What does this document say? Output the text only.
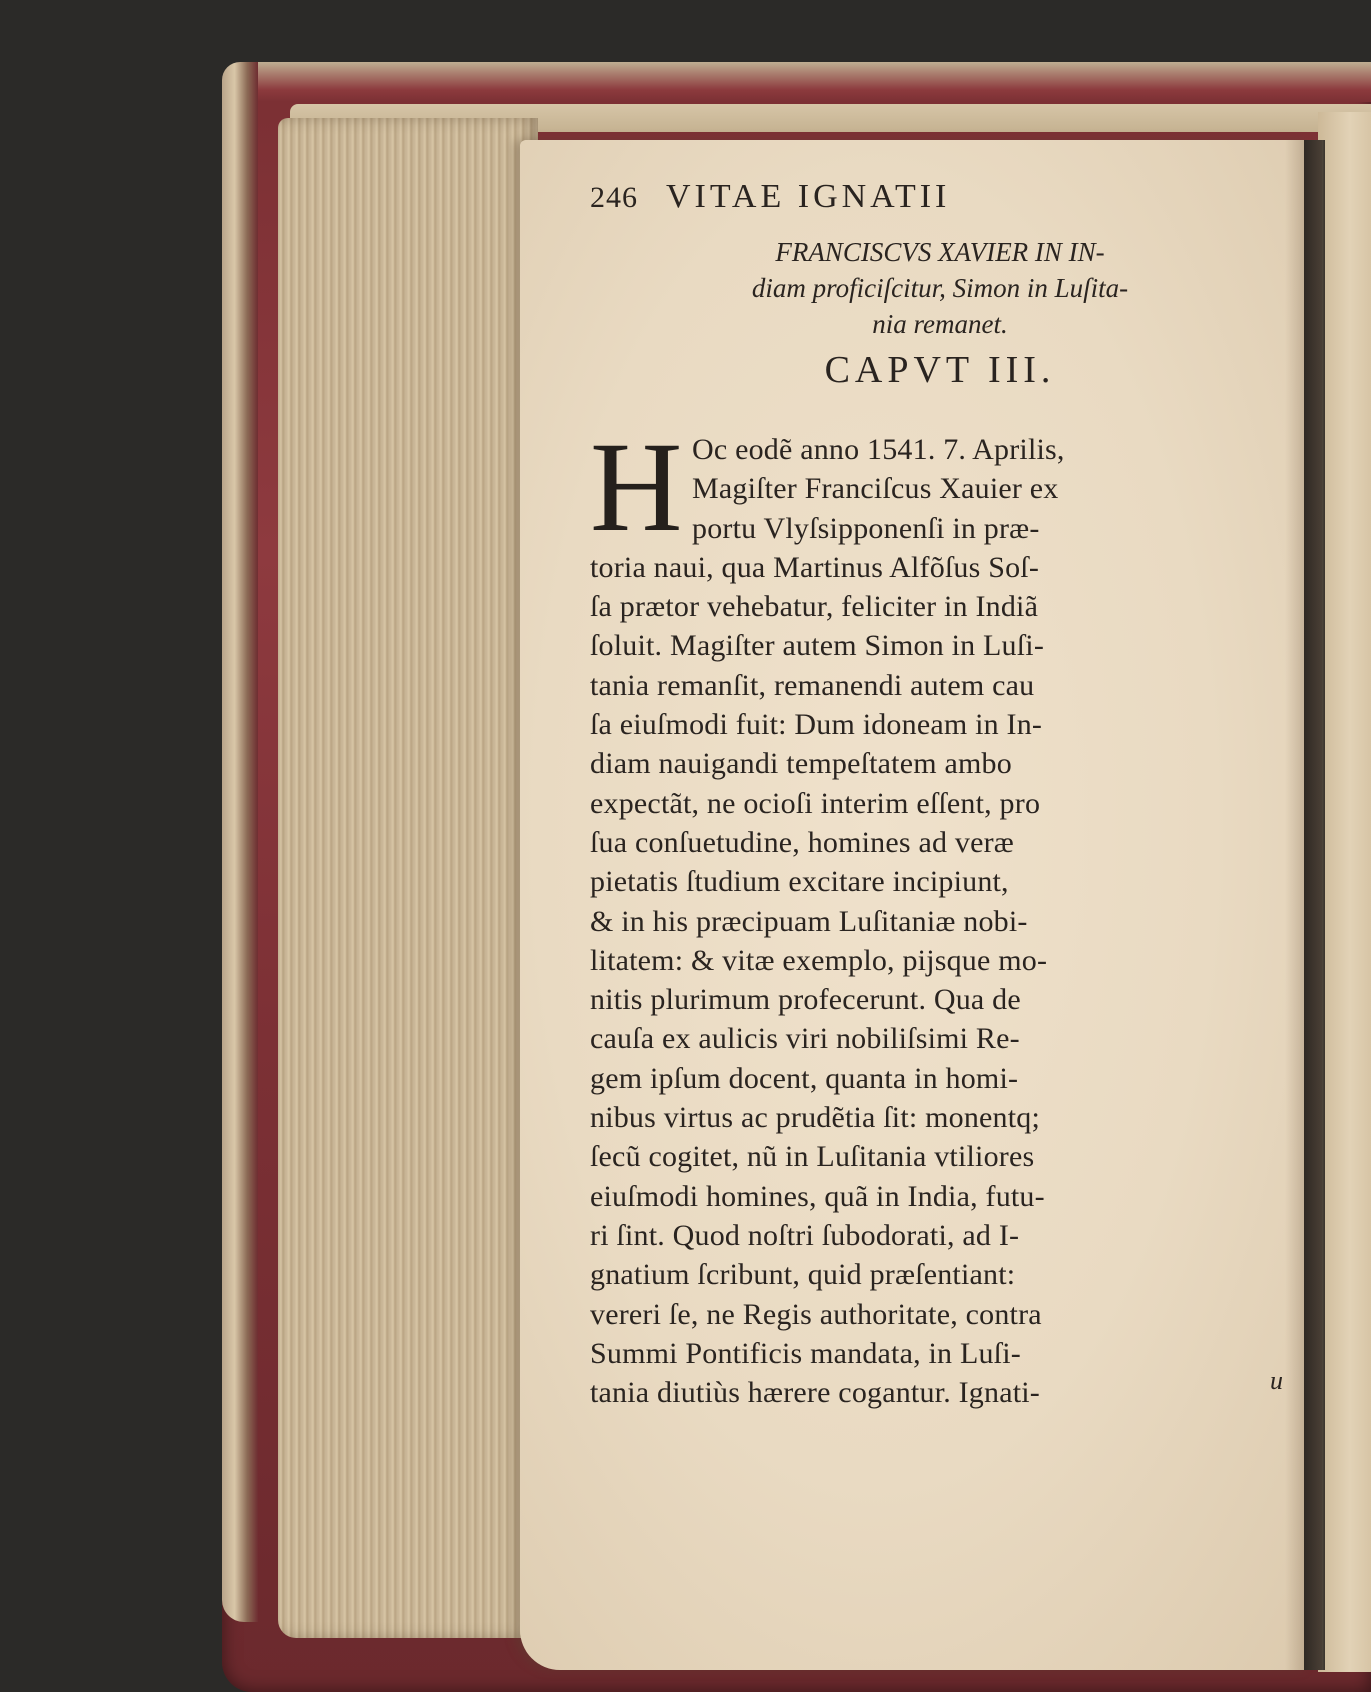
246 VITAE IGNATII
FRANCISCVS XAVIER IN IN-
diam proficiſcitur, Simon in Luſita-
nia remanet.
CAPVT III.
H Oc eodẽ anno 1541. 7. Aprilis,
Magiſter Franciſcus Xauier ex
portu Vlyſsipponenſi in præ-
toria naui, qua Martinus Alfõſus Soſ-
ſa prætor vehebatur, feliciter in Indiã
ſoluit. Magiſter autem Simon in Luſi-
tania remanſit, remanendi autem cau
ſa eiuſmodi fuit: Dum idoneam in In-
diam nauigandi tempeſtatem ambo
expectãt, ne ocioſi interim eſſent, pro
ſua conſuetudine, homines ad veræ
pietatis ſtudium excitare incipiunt,
& in his præcipuam Luſitaniæ nobi-
litatem: & vitæ exemplo, pijsque mo-
nitis plurimum profecerunt. Qua de
cauſa ex aulicis viri nobiliſsimi Re-
gem ipſum docent, quanta in homi-
nibus virtus ac prudẽtia ſit: monentq;
ſecũ cogitet, nũ in Luſitania vtiliores
eiuſmodi homines, quã in India, futu-
ri ſint. Quod noſtri ſubodorati, ad I-
gnatium ſcribunt, quid præſentiant:
vereri ſe, ne Regis authoritate, contra
Summi Pontificis mandata, in Luſi-
tania diutiùs hærere cogantur. Ignati-	u
